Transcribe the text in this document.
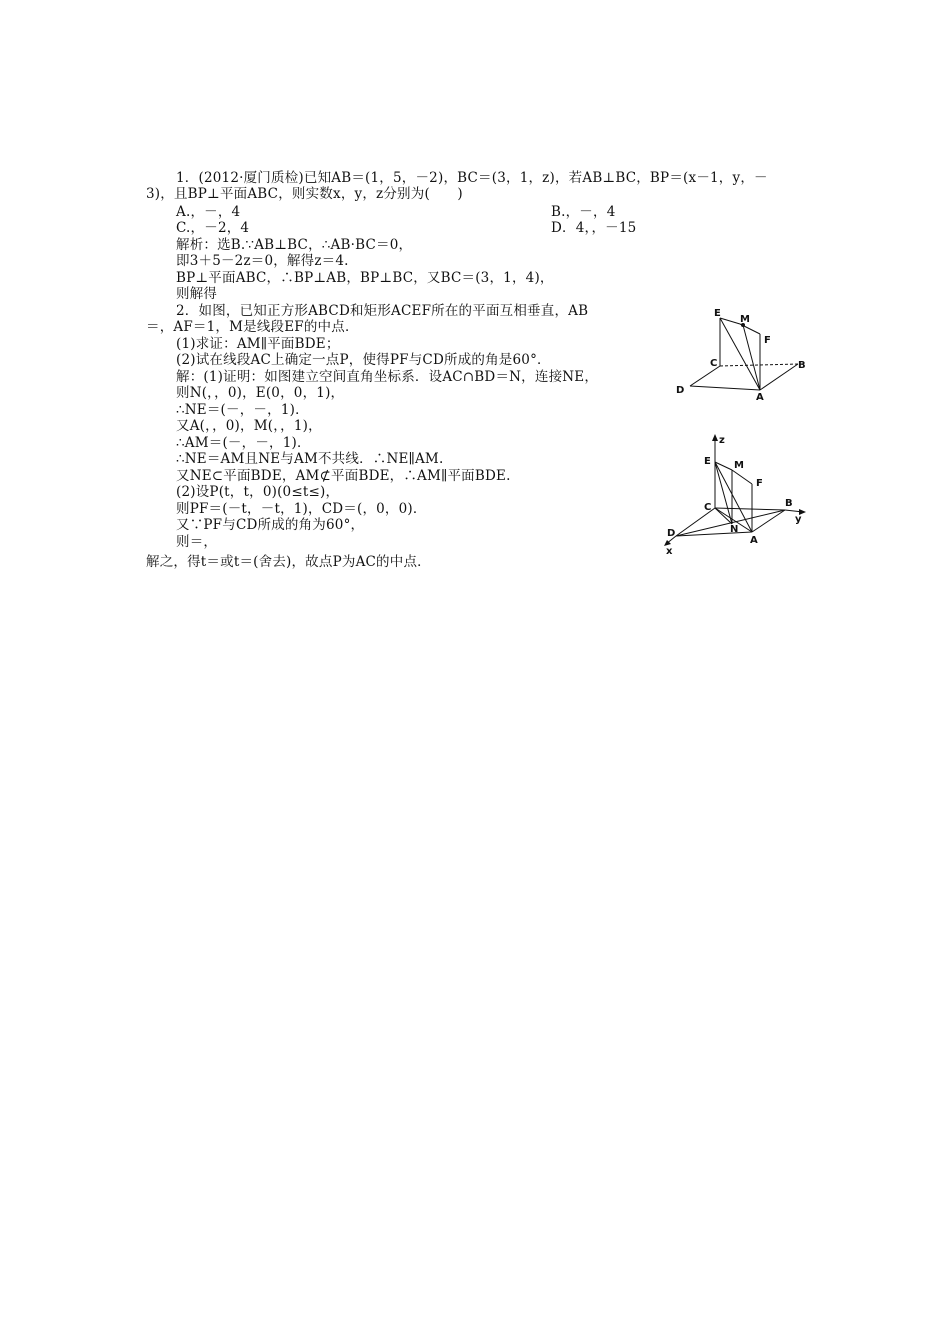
1．(2012·厦门质检)已知AB＝(1，5，－2)，BC＝(3，1，z)，若AB⊥BC，BP＝(x－1，y，－
3)，且BP⊥平面ABC，则实数x，y，z分别为(　　)
A.，－，4	B.，－，4
C.，－2，4	D．4，，－15
解析：选B.∵AB⊥BC，∴AB·BC＝0，
即3＋5－2z＝0，解得z＝4.
BP⊥平面ABC，∴BP⊥AB，BP⊥BC，又BC＝(3，1，4)，
则解得
2．如图，已知正方形ABCD和矩形ACEF所在的平面互相垂直，AB
＝，AF＝1，M是线段EF的中点．
(1)求证：AM∥平面BDE；
(2)试在线段AC上确定一点P，使得PF与CD所成的角是60°．
解：(1)证明：如图建立空间直角坐标系．设AC∩BD＝N，连接NE，
则N(，，0)，E(0，0，1)，
∴NE＝(－，－，1)．
又A(，，0)，M(，，1)，
∴AM＝(－，－，1)．
∴NE＝AM且NE与AM不共线．∴NE∥AM.
又NE⊂平面BDE，AM⊄平面BDE，∴AM∥平面BDE.
(2)设P(t，t，0)(0≤t≤)，
则PF＝(－t，－t，1)，CD＝(，0，0)．
又∵PF与CD所成的角为60°，
则＝，
解之，得t＝或t＝(舍去)，故点P为AC的中点．
E
M
F
C	B
D
A
z
E M
F
C	B
y
D	N
A
x
